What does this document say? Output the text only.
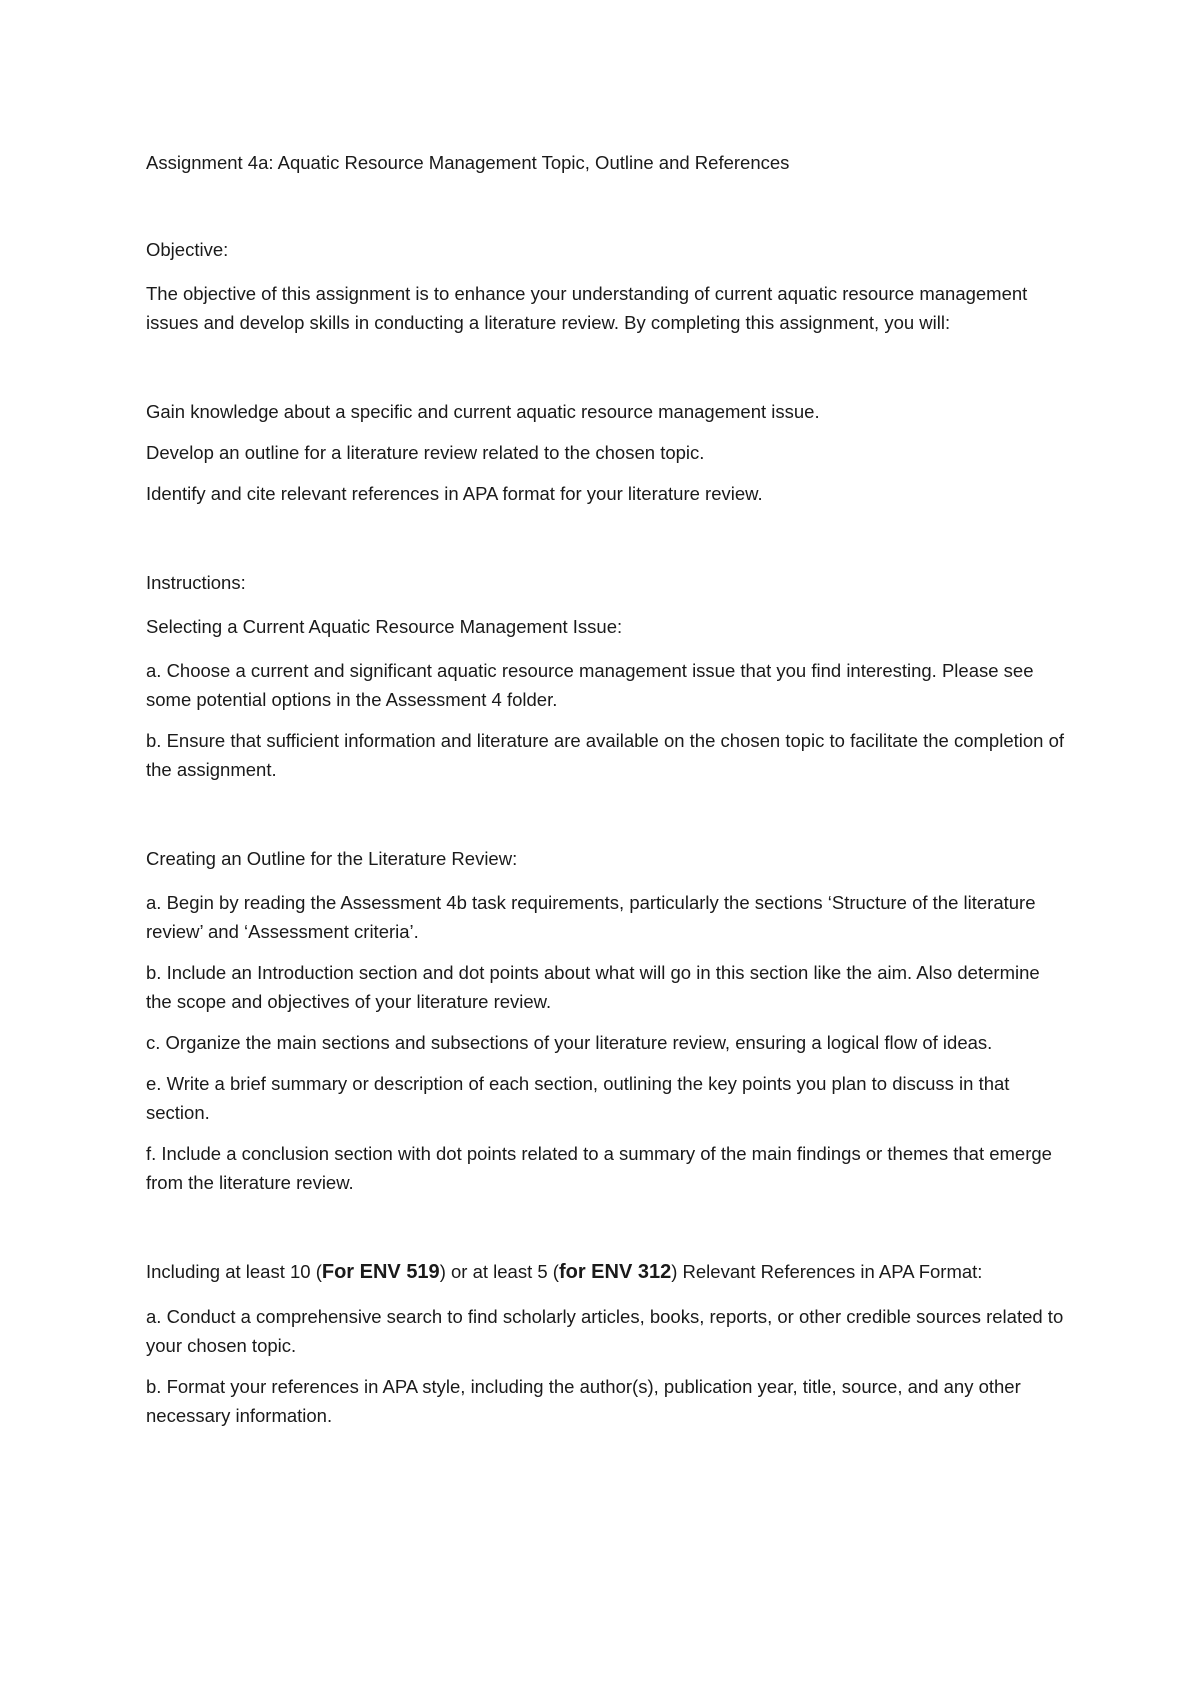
Assignment 4a: Aquatic Resource Management Topic, Outline and References

Objective:

The objective of this assignment is to enhance your understanding of current aquatic resource management issues and develop skills in conducting a literature review. By completing this assignment, you will:

Gain knowledge about a specific and current aquatic resource management issue.

Develop an outline for a literature review related to the chosen topic.

Identify and cite relevant references in APA format for your literature review.

Instructions:

Selecting a Current Aquatic Resource Management Issue:

a. Choose a current and significant aquatic resource management issue that you find interesting. Please see some potential options in the Assessment 4 folder.

b. Ensure that sufficient information and literature are available on the chosen topic to facilitate the completion of the assignment.

Creating an Outline for the Literature Review:

a. Begin by reading the Assessment 4b task requirements, particularly the sections ‘Structure of the literature review’ and ‘Assessment criteria’.

b. Include an Introduction section and dot points about what will go in this section like the aim. Also determine the scope and objectives of your literature review.

c. Organize the main sections and subsections of your literature review, ensuring a logical flow of ideas.

e. Write a brief summary or description of each section, outlining the key points you plan to discuss in that section.

f. Include a conclusion section with dot points related to a summary of the main findings or themes that emerge from the literature review.

Including at least 10 (For ENV 519) or at least 5 (for ENV 312) Relevant References in APA Format:

a. Conduct a comprehensive search to find scholarly articles, books, reports, or other credible sources related to your chosen topic.

b. Format your references in APA style, including the author(s), publication year, title, source, and any other necessary information.
